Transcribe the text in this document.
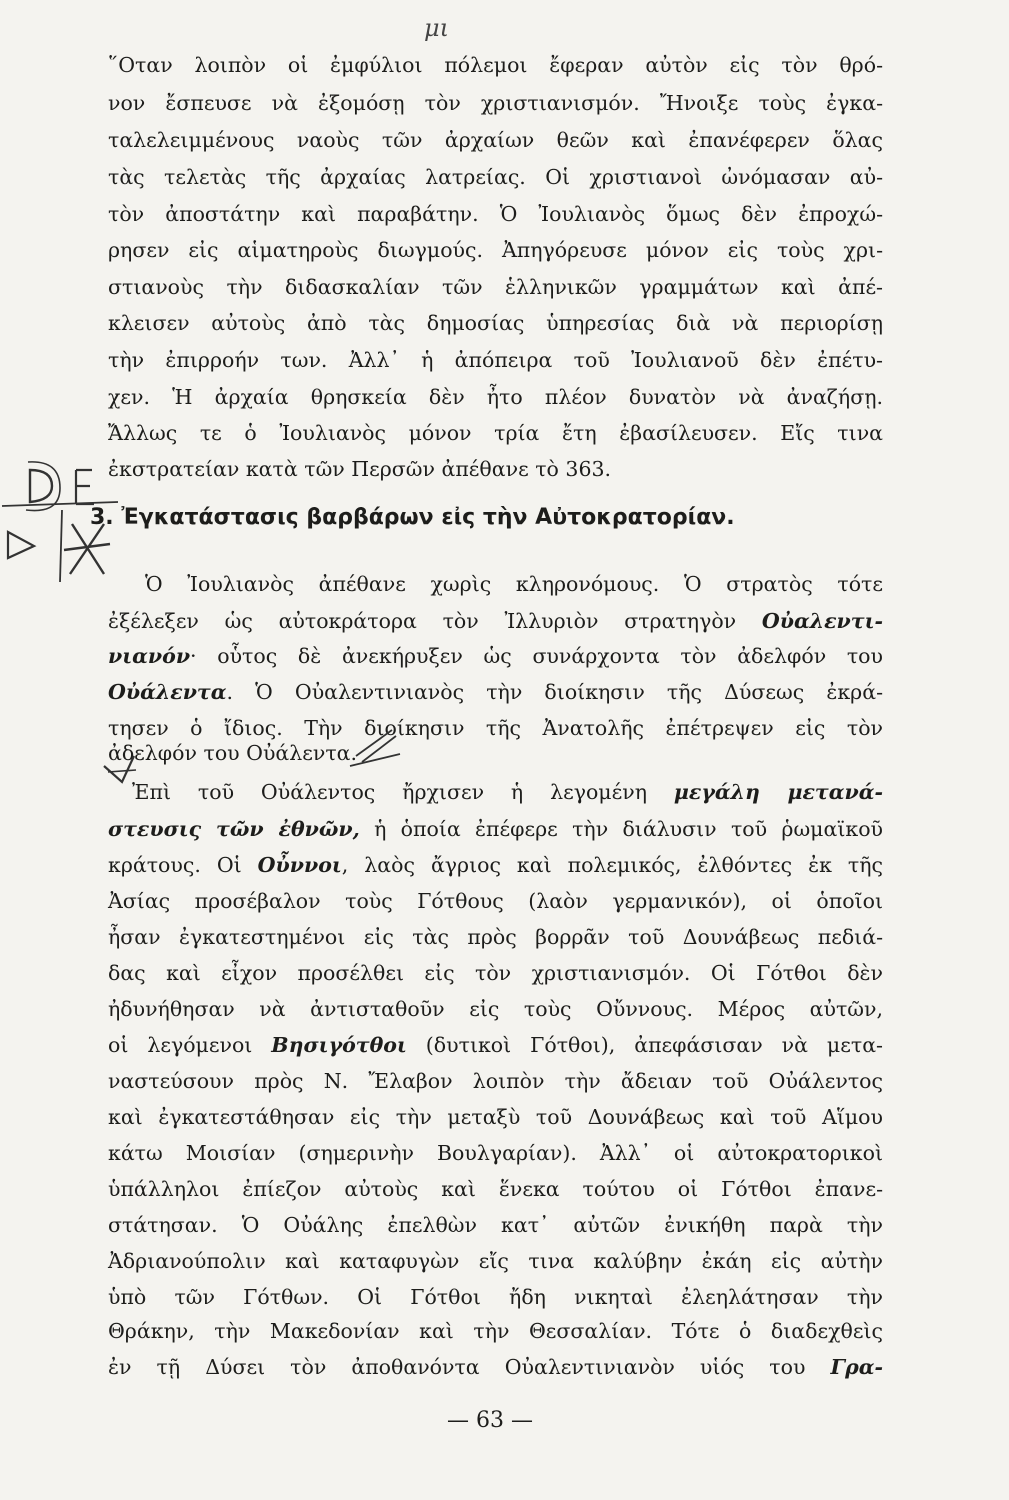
μι
῞Οταν λοιπὸν οἱ ἐμφύλιοι πόλεμοι ἔφεραν αὐτὸν εἰς τὸν θρό-
νον ἔσπευσε νὰ ἐξομόσῃ τὸν χριστιανισμόν. Ἤνοιξε τοὺς ἐγκα-
ταλελειμμένους ναοὺς τῶν ἀρχαίων θεῶν καὶ ἐπανέφερεν ὅλας
τὰς τελετὰς τῆς ἀρχαίας λατρείας. Οἱ χριστιανοὶ ὠνόμασαν αὐ-
τὸν ἀποστάτην καὶ παραβάτην. Ὁ Ἰουλιανὸς ὅμως δὲν ἐπροχώ-
ρησεν εἰς αἱματηροὺς διωγμούς. Ἀπηγόρευσε μόνον εἰς τοὺς χρι-
στιανοὺς τὴν διδασκαλίαν τῶν ἑλληνικῶν γραμμάτων καὶ ἀπέ-
κλεισεν αὐτοὺς ἀπὸ τὰς δημοσίας ὑπηρεσίας διὰ νὰ περιορίσῃ
τὴν ἐπιρροήν των. Ἀλλ᾽ ἡ ἀπόπειρα τοῦ Ἰουλιανοῦ δὲν ἐπέτυ-
χεν. Ἡ ἀρχαία θρησκεία δὲν ἦτο πλέον δυνατὸν νὰ ἀναζήσῃ.
Ἄλλως τε ὁ Ἰουλιανὸς μόνον τρία ἔτη ἐβασίλευσεν. Εἴς τινα
ἐκστρατείαν κατὰ τῶν Περσῶν ἀπέθανε τὸ 363.
3. Ἐγκατάστασις βαρβάρων εἰς τὴν Αὐτοκρατορίαν.
Ὁ Ἰουλιανὸς ἀπέθανε χωρὶς κληρονόμους. Ὁ στρατὸς τότε
ἐξέλεξεν ὡς αὐτοκράτορα τὸν Ἰλλυριὸν στρατηγὸν Οὐαλεντι-
νιανόν· οὗτος δὲ ἀνεκήρυξεν ὡς συνάρχοντα τὸν ἀδελφόν του
Οὐάλεντα. Ὁ Οὐαλεντινιανὸς τὴν διοίκησιν τῆς Δύσεως ἐκρά-
τησεν ὁ ἴδιος. Τὴν διοίκησιν τῆς Ἀνατολῆς ἐπέτρεψεν εἰς τὸν
ἀδελφόν του Οὐάλεντα.
Ἐπὶ τοῦ Οὐάλεντος ἤρχισεν ἡ λεγομένη μεγάλη μετανά-
στευσις τῶν ἐθνῶν, ἡ ὁποία ἐπέφερε τὴν διάλυσιν τοῦ ῥωμαϊκοῦ
κράτους. Οἱ Οὖννοι, λαὸς ἄγριος καὶ πολεμικός, ἐλθόντες ἐκ τῆς
Ἀσίας προσέβαλον τοὺς Γότθους (λαὸν γερμανικόν), οἱ ὁποῖοι
ἦσαν ἐγκατεστημένοι εἰς τὰς πρὸς βορρᾶν τοῦ Δουνάβεως πεδιά-
δας καὶ εἶχον προσέλθει εἰς τὸν χριστιανισμόν. Οἱ Γότθοι δὲν
ἠδυνήθησαν νὰ ἀντισταθοῦν εἰς τοὺς Οὔννους. Μέρος αὐτῶν,
οἱ λεγόμενοι Βησιγότθοι (δυτικοὶ Γότθοι), ἀπεφάσισαν νὰ μετα-
ναστεύσουν πρὸς Ν. Ἔλαβον λοιπὸν τὴν ἄδειαν τοῦ Οὐάλεντος
καὶ ἐγκατεστάθησαν εἰς τὴν μεταξὺ τοῦ Δουνάβεως καὶ τοῦ Αἵμου
κάτω Μοισίαν (σημερινὴν Βουλγαρίαν). Ἀλλ᾽ οἱ αὐτοκρατορικοὶ
ὑπάλληλοι ἐπίεζον αὐτοὺς καὶ ἕνεκα τούτου οἱ Γότθοι ἐπανε-
στάτησαν. Ὁ Οὐάλης ἐπελθὼν κατ᾽ αὐτῶν ἐνικήθη παρὰ τὴν
Ἀδριανούπολιν καὶ καταφυγὼν εἴς τινα καλύβην ἐκάη εἰς αὐτὴν
ὑπὸ τῶν Γότθων. Οἱ Γότθοι ἤδη νικηταὶ ἐλεηλάτησαν τὴν
Θράκην, τὴν Μακεδονίαν καὶ τὴν Θεσσαλίαν. Τότε ὁ διαδεχθεὶς
ἐν τῇ Δύσει τὸν ἀποθανόντα Οὐαλεντινιανὸν υἱός του Γρα-
— 63 —
